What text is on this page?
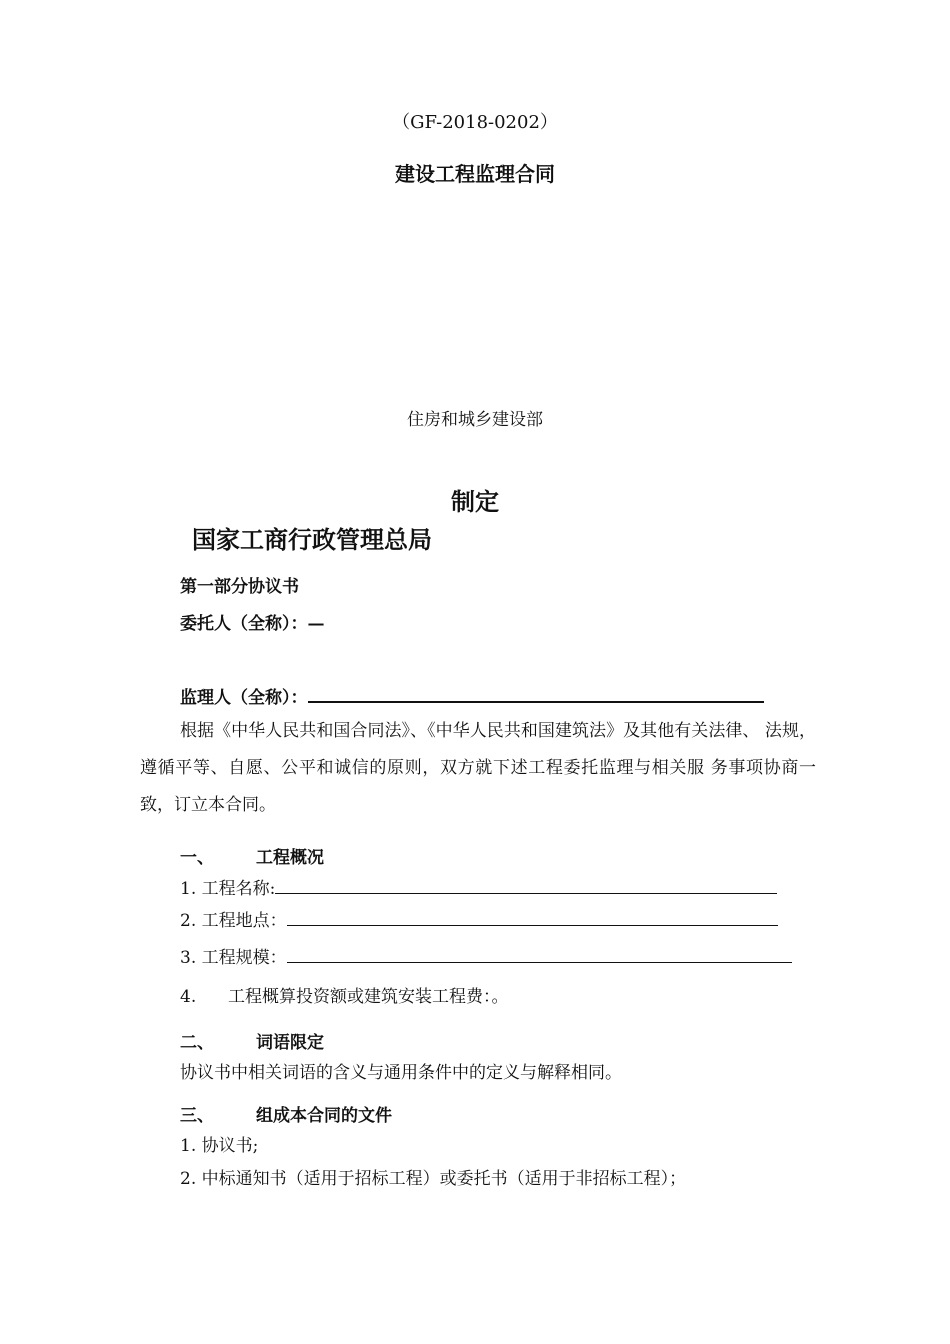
（GF-2018-0202）
建设工程监理合同
住房和城乡建设部
制定
国家工商行政管理总局
第一部分协议书
委托人（全称）：—
监理人（全称）：
根据《中华人民共和国合同法》、《中华人民共和国建筑法》及其他有关法律、 法规，遵循平等、自愿、公平和诚信的原则，双方就下述工程委托监理与相关服 务事项协商一致，订立本合同。
一、 工程概况
1. 工程名称:
2. 工程地点：
3. 工程规模：
4. 工程概算投资额或建筑安装工程费：。
二、 词语限定
协议书中相关词语的含义与通用条件中的定义与解释相同。
三、 组成本合同的文件
1. 协议书;
2. 中标通知书（适用于招标工程）或委托书（适用于非招标工程）；
